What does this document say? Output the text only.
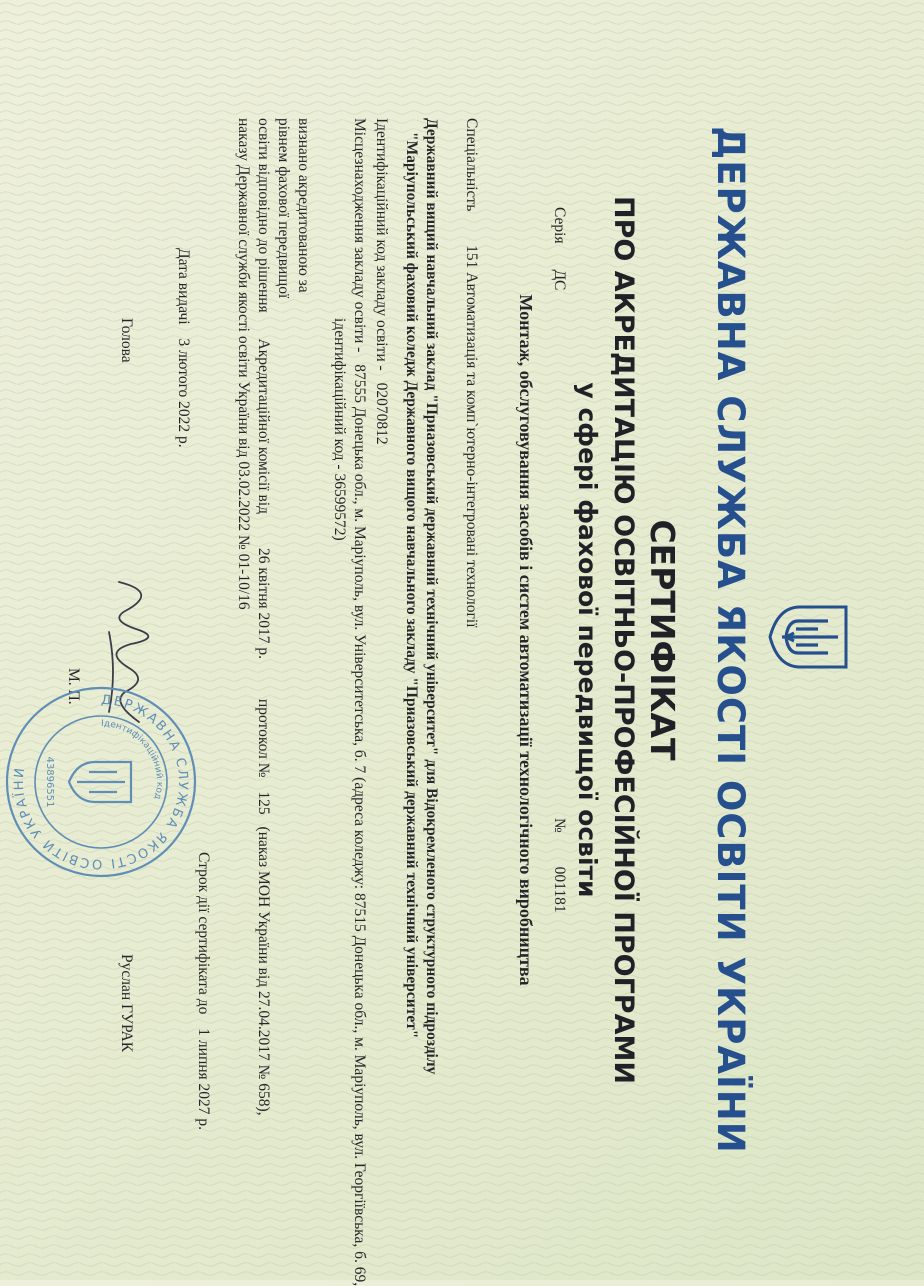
ДЕРЖАВНА СЛУЖБА ЯКОСТІ ОСВІТИ УКРАЇНИ
СЕРТИФІКАТ
ПРО АКРЕДИТАЦІЮ ОСВІТНЬО-ПРОФЕСІЙНОЇ ПРОГРАМИ
у сфері фахової передвищої освіти
Серія ДС
№ 001181
Монтаж, обслуговування засобів і систем автоматизації технологічного виробництва
Спеціальність 151 Автоматизація та комп`ютерно-інтегровані технології
Державний вищий навчальний заклад "Приазовський державний технічний університет" для Відокремленого структурного підрозділу
"Маріупольський фаховий коледж Державного вищого навчального закладу "Приазовський державний технічний університет"
Ідентифікаційний код закладу освіти - 02070812
Місцезнаходження закладу освіти - 87555 Донецька обл., м. Маріуполь, вул. Університетська, б. 7 (адреса коледжу: 87515 Донецька обл., м. Маріуполь, вул. Георгіївська, б. 69,
ідентифікаційний код - 36599572)
визнано акредитованою за
рівнем фахової передвищої
освіти відповідно до рішення Акредитаційної комісії від 26 квітня 2017 р. протокол № 125 (наказ МОН України від 27.04.2017 № 658),
наказу Державної служби якості освіти України від 03.02.2022 № 01-10/16
Строк дії сертифіката до 1 липня 2027 р.
Дата видачі 3 лютого 2022 р.
Голова
М. П.
Руслан ГУРАК
ДЕРЖАВНА СЛУЖБА ЯКОСТІ ОСВІТИ УКРАЇНИ
Ідентифікаційний код
43896551
